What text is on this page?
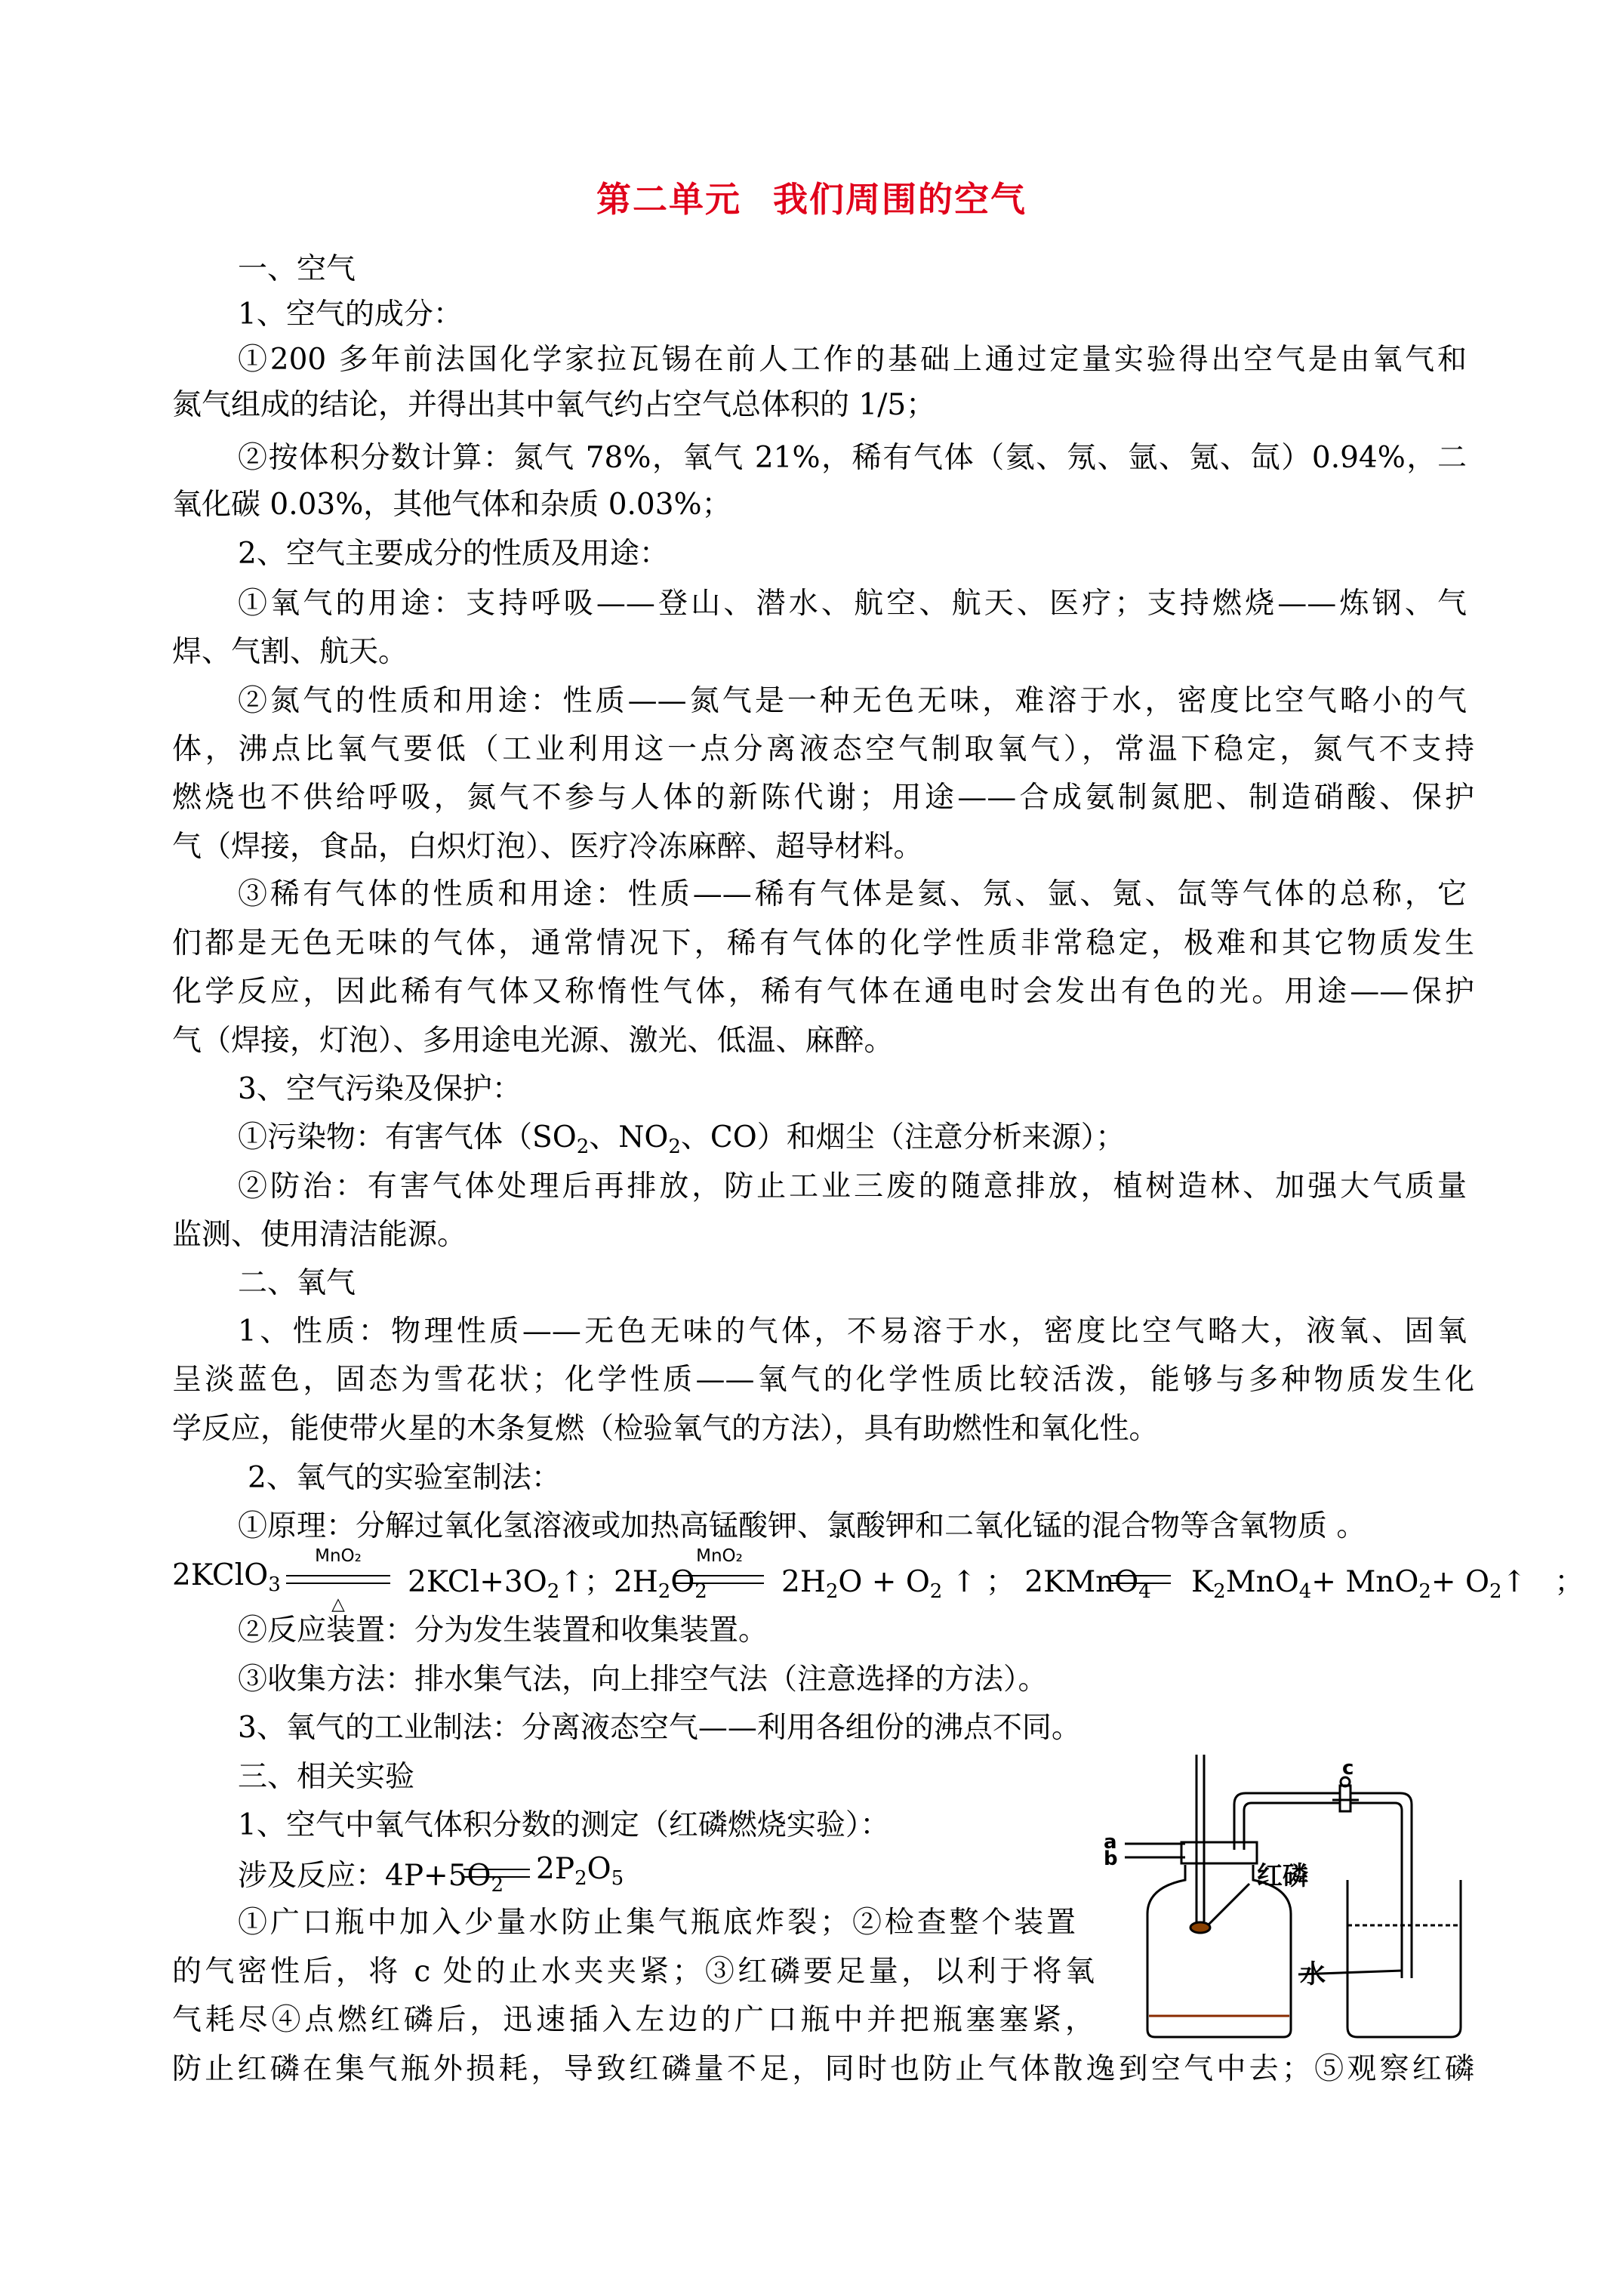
第二单元 我们周围的空气
一、空气
1、空气的成分：
①200 多年前法国化学家拉瓦锡在前人工作的基础上通过定量实验得出空气是由氧气和
氮气组成的结论，并得出其中氧气约占空气总体积的 1/5；
②按体积分数计算：氮气 78%，氧气 21%，稀有气体（氦、氖、氩、氪、氙）0.94%，二
氧化碳 0.03%，其他气体和杂质 0.03%；
2、空气主要成分的性质及用途：
①氧气的用途：支持呼吸——登山、潜水、航空、航天、医疗；支持燃烧——炼钢、气
焊、气割、航天。
②氮气的性质和用途：性质——氮气是一种无色无味，难溶于水，密度比空气略小的气
体，沸点比氧气要低（工业利用这一点分离液态空气制取氧气），常温下稳定，氮气不支持
燃烧也不供给呼吸，氮气不参与人体的新陈代谢；用途——合成氨制氮肥、制造硝酸、保护
气（焊接，食品，白炽灯泡）、医疗冷冻麻醉、超导材料。
③稀有气体的性质和用途：性质——稀有气体是氦、氖、氩、氪、氙等气体的总称，它
们都是无色无味的气体，通常情况下，稀有气体的化学性质非常稳定，极难和其它物质发生
化学反应，因此稀有气体又称惰性气体，稀有气体在通电时会发出有色的光。用途——保护
气（焊接，灯泡）、多用途电光源、激光、低温、麻醉。
3、空气污染及保护：
①污染物：有害气体（$SO_2$、$NO_2$、CO）和烟尘（注意分析来源）；
②防治：有害气体处理后再排放，防止工业三废的随意排放，植树造林、加强大气质量
监测、使用清洁能源。
二、氧气
1、性质：物理性质——无色无味的气体，不易溶于水，密度比空气略大，液氧、固氧
呈淡蓝色，固态为雪花状；化学性质——氧气的化学性质比较活泼，能够与多种物质发生化
学反应，能使带火星的木条复燃（检验氧气的方法），具有助燃性和氧化性。
2、氧气的实验室制法：
①原理：分解过氧化氢溶液或加热高锰酸钾、氯酸钾和二氧化锰的混合物等含氧物质 。
2KClO$_3$
MnO₂
△
$2KCl+3O_2↑$；$2H_2O_2$
MnO₂
$2H_2O + O_2$ ↑ ； 2KMnO$_4$ $K_2MnO_4+ MnO_2+$ $O_2↑$ ；
②反应装置：分为发生装置和收集装置。
③收集方法：排水集气法，向上排空气法（注意选择的方法）。
3、氧气的工业制法：分离液态空气——利用各组份的沸点不同。
三、相关实验
1、空气中氧气体积分数的测定（红磷燃烧实验）：
涉及反应：$4P+5O_2$ $2P_2O_5$
①广口瓶中加入少量水防止集气瓶底炸裂；②检查整个装置
的气密性后，将 c 处的止水夹夹紧；③红磷要足量，以利于将氧
气耗尽④点燃红磷后，迅速插入左边的广口瓶中并把瓶塞塞紧，
防止红磷在集气瓶外损耗，导致红磷量不足，同时也防止气体散逸到空气中去；⑤观察红磷
a
b
c
红磷
水
